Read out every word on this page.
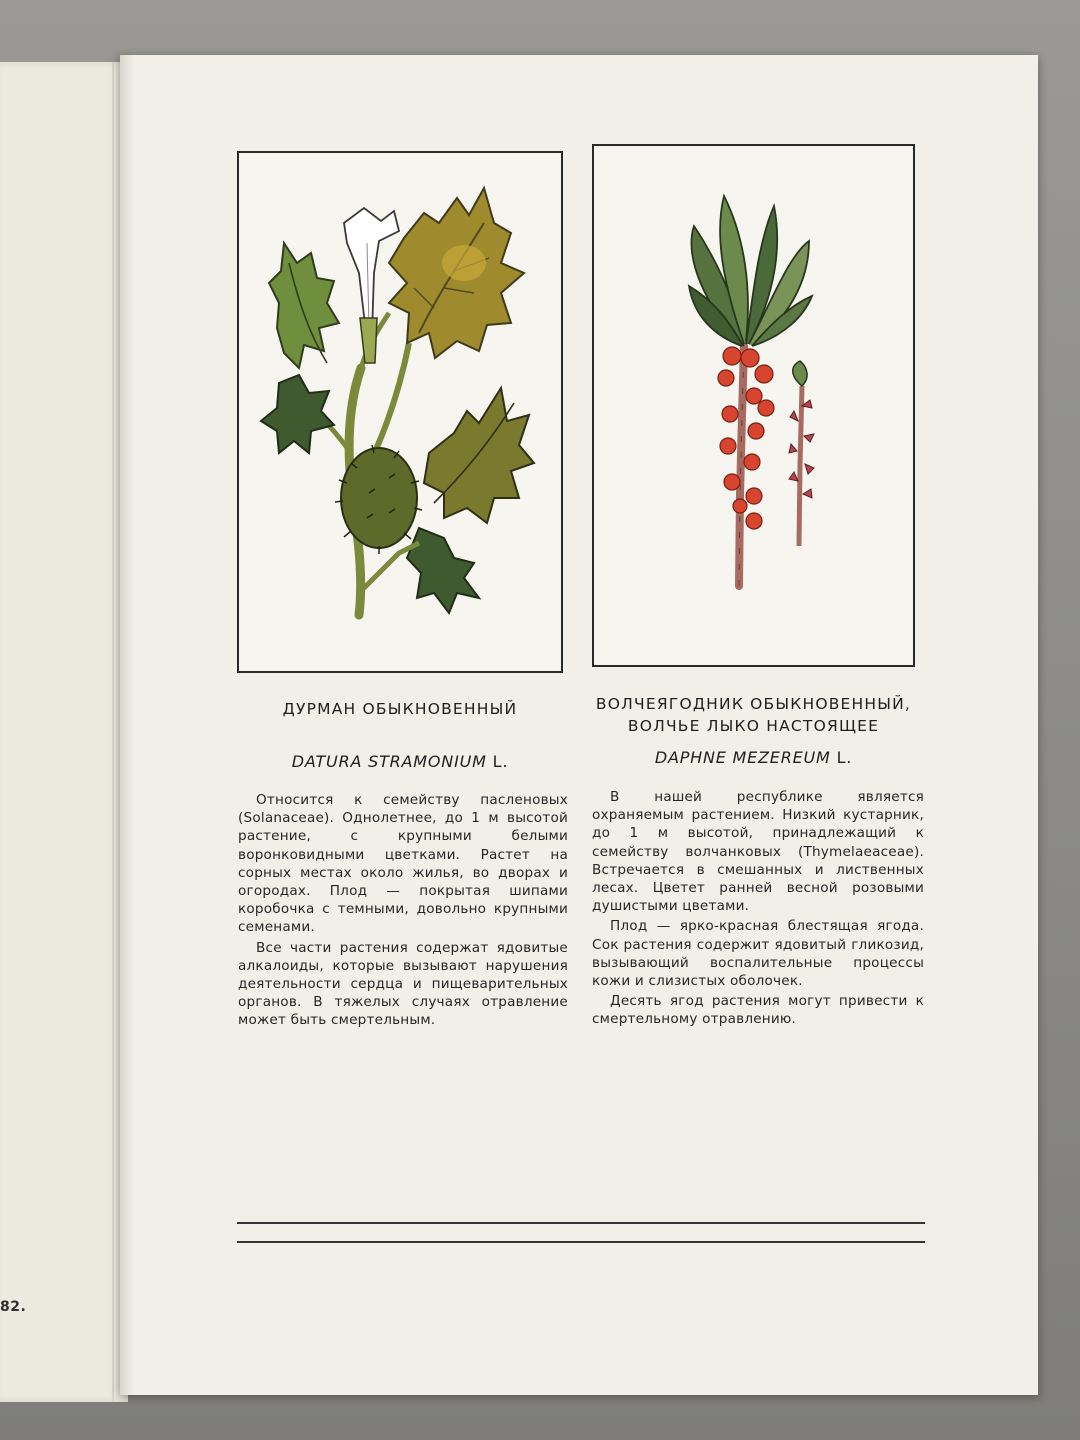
82.
ДУРМАН ОБЫКНОВЕННЫЙ
DATURA STRAMONIUM L.

Относится к семейству пасленовых (Solanaceae). Однолетнее, до 1 м высотой растение, с крупными белыми воронковидными цветками. Растет на сорных местах около жилья, во дворах и огородах. Плод — покрытая шипами коробочка с темными, довольно крупными семенами.

Все части растения содержат ядовитые алкалоиды, которые вызывают нарушения деятельности сердца и пищеварительных органов. В тяжелых случаях отравление может быть смертельным.

ВОЛЧЕЯГОДНИК ОБЫКНОВЕННЫЙ,
ВОЛЧЬЕ ЛЫКО НАСТОЯЩЕЕ
DAPHNE MEZEREUM L.

В нашей республике является охраняемым растением. Низкий кустарник, до 1 м высотой, принадлежащий к семейству волчанковых (Thymelaeaceae). Встречается в смешанных и лиственных лесах. Цветет ранней весной розовыми душистыми цветами.

Плод — ярко-красная блестящая ягода. Сок растения содержит ядовитый гликозид, вызывающий воспалительные процессы кожи и слизистых оболочек.

Десять ягод растения могут привести к смертельному отравлению.
